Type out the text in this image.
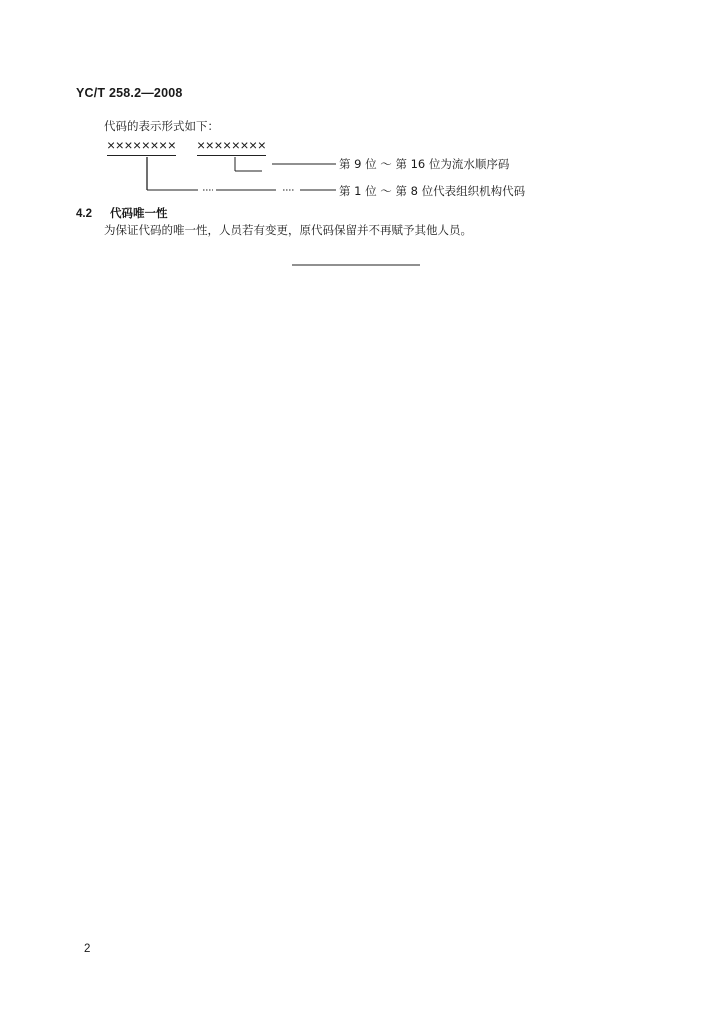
YC/T 258.2—2008
代码的表示形式如下：
×××××××× ××××××××
第 9 位 ～ 第 16 位为流水顺序码
第 1 位 ～ 第 8 位代表组织机构代码
4.2 代码唯一性
为保证代码的唯一性，人员若有变更，原代码保留并不再赋予其他人员。
2
